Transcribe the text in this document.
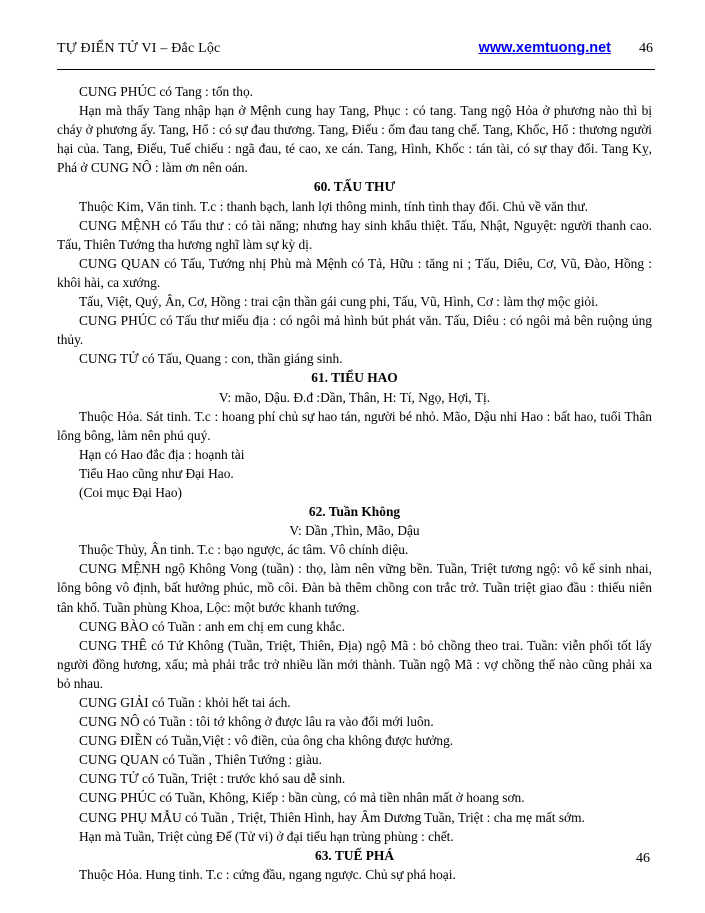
TỰ ĐIỂN TỬ VI – Đắc Lộc	www.xemtuong.net 46

CUNG PHÚC có Tang : tổn thọ.

Hạn mà thấy Tang nhập hạn ở Mệnh cung hay Tang, Phục : có tang. Tang ngộ Hỏa ở phương nào thì bị cháy ở phương ấy. Tang, Hổ : có sự đau thương. Tang, Điếu : ốm đau tang chế. Tang, Khốc, Hổ : thương người hại của. Tang, Điếu, Tuế chiếu : ngã đau, té cao, xe cán. Tang, Hình, Khốc : tán tài, có sự thay đổi. Tang Kỵ, Phá ở CUNG NÔ : làm ơn nên oán.

60. TẤU THƯ

Thuộc Kim, Văn tinh. T.c : thanh bạch, lanh lợi thông minh, tính tình thay đổi. Chủ về văn thư.

CUNG MỆNH có Tấu thư : có tài năng; nhưng hay sinh khẩu thiệt. Tấu, Nhật, Nguyệt: người thanh cao. Tấu, Thiên Tướng tha hương nghĩ làm sự kỳ dị.

CUNG QUAN có Tấu, Tướng nhị Phù mà Mệnh có Tả, Hữu : tăng ni ; Tấu, Diêu, Cơ, Vũ, Đào, Hồng : khôi hài, ca xướng.

Tấu, Việt, Quý, Ân, Cơ, Hồng : trai cận thần gái cung phi, Tấu, Vũ, Hình, Cơ : làm thợ mộc giỏi.

CUNG PHÚC có Tấu thư miếu địa : có ngôi mả hình bút phát văn. Tấu, Diêu : có ngôi mả bên ruộng úng thủy.

CUNG TỬ có Tấu, Quang : con, thần giáng sinh.

61. TIỂU HAO

V: mão, Dậu. Đ.đ :Dần, Thân, H: Tí, Ngọ, Hợi, Tị.

Thuộc Hỏa. Sát tinh. T.c : hoang phí chủ sự hao tán, người bé nhỏ. Mão, Dậu nhi Hao : bất hao, tuổi Thân lông bông, làm nên phú quý.

Hạn có Hao đắc địa : hoạnh tài

Tiểu Hao cũng như Đại Hao.

(Coi mục Đại Hao)

62. Tuần Không

V: Dần ,Thìn, Mão, Dậu

Thuộc Thủy, Ân tinh. T.c : bạo ngược, ác tâm. Vô chính diệu.

CUNG MỆNH ngộ Không Vong (tuần) : thọ, làm nên vững bền. Tuần, Triệt tương ngộ: vô kế sinh nhai, lông bông vô định, bất hưởng phúc, mồ côi. Đàn bà thêm chồng con trắc trở. Tuần triệt giao đầu : thiếu niên tân khổ. Tuần phùng Khoa, Lộc: một bước khanh tướng.

CUNG BÀO có Tuần : anh em chị em cung khắc.

CUNG THÊ có Tứ Không (Tuần, Triệt, Thiên, Địa) ngộ Mã : bỏ chồng theo trai. Tuần: viễn phối tốt lấy người đồng hương, xấu; mà phải trắc trở nhiều lần mới thành. Tuần ngộ Mã : vợ chồng thế nào cũng phải xa bỏ nhau.

CUNG GIẢI có Tuần : khỏi hết tai ách.

CUNG NÔ có Tuần : tôi tớ không ở được lâu ra vào đổi mới luôn.

CUNG ĐIỀN có Tuần,Việt : vô điền, của ông cha không được hưởng.

CUNG QUAN có Tuần , Thiên Tướng : giàu.

CUNG TỬ có Tuần, Triệt : trước khó sau dễ sinh.

CUNG PHÚC có Tuần, Không, Kiếp : bần cùng, có mả tiền nhân mất ở hoang sơn.

CUNG PHỤ MẪU có Tuần , Triệt, Thiên Hình, hay Âm Dương Tuần, Triệt : cha mẹ mất sớm.

Hạn mà Tuần, Triệt củng Đế (Tử vi) ở đại tiểu hạn trùng phùng : chết.

63. TUẾ PHÁ

Thuộc Hỏa. Hung tinh. T.c : cứng đầu, ngang ngược. Chủ sự phá hoại.

46
